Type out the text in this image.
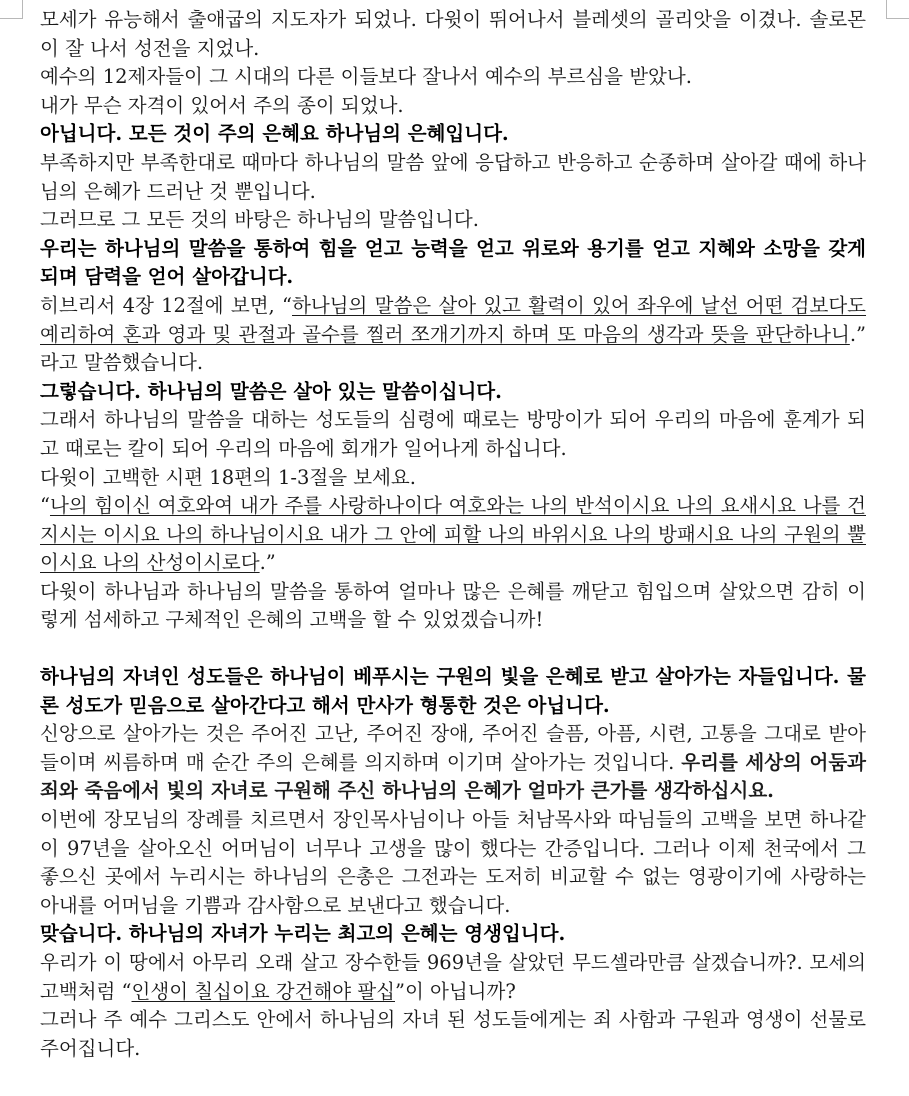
모세가 유능해서 출애굽의 지도자가 되었나. 다윗이 뛰어나서 블레셋의 골리앗을 이겼나. 솔로몬이 잘 나서 성전을 지었나.

예수의 12제자들이 그 시대의 다른 이들보다 잘나서 예수의 부르심을 받았나.

내가 무슨 자격이 있어서 주의 종이 되었나.

아닙니다. 모든 것이 주의 은혜요 하나님의 은혜입니다.

부족하지만 부족한대로 때마다 하나님의 말씀 앞에 응답하고 반응하고 순종하며 살아갈 때에 하나님의 은혜가 드러난 것 뿐입니다.

그러므로 그 모든 것의 바탕은 하나님의 말씀입니다.

우리는 하나님의 말씀을 통하여 힘을 얻고 능력을 얻고 위로와 용기를 얻고 지혜와 소망을 갖게 되며 담력을 얻어 살아갑니다.

히브리서 4장 12절에 보면, “하나님의 말씀은 살아 있고 활력이 있어 좌우에 날선 어떤 검보다도 예리하여 혼과 영과 및 관절과 골수를 찔러 쪼개기까지 하며 또 마음의 생각과 뜻을 판단하나니.” 라고 말씀했습니다.

그렇습니다. 하나님의 말씀은 살아 있는 말씀이십니다.

그래서 하나님의 말씀을 대하는 성도들의 심령에 때로는 방망이가 되어 우리의 마음에 훈계가 되고 때로는 칼이 되어 우리의 마음에 회개가 일어나게 하십니다.

다윗이 고백한 시편 18편의 1-3절을 보세요.

“나의 힘이신 여호와여 내가 주를 사랑하나이다 여호와는 나의 반석이시요 나의 요새시요 나를 건지시는 이시요 나의 하나님이시요 내가 그 안에 피할 나의 바위시요 나의 방패시요 나의 구원의 뿔이시요 나의 산성이시로다.”

다윗이 하나님과 하나님의 말씀을 통하여 얼마나 많은 은혜를 깨닫고 힘입으며 살았으면 감히 이렇게 섬세하고 구체적인 은혜의 고백을 할 수 있었겠습니까!

하나님의 자녀인 성도들은 하나님이 베푸시는 구원의 빛을 은혜로 받고 살아가는 자들입니다. 물론 성도가 믿음으로 살아간다고 해서 만사가 형통한 것은 아닙니다.

신앙으로 살아가는 것은 주어진 고난, 주어진 장애, 주어진 슬픔, 아픔, 시련, 고통을 그대로 받아들이며 씨름하며 매 순간 주의 은혜를 의지하며 이기며 살아가는 것입니다. 우리를 세상의 어둠과 죄와 죽음에서 빛의 자녀로 구원해 주신 하나님의 은혜가 얼마가 큰가를 생각하십시요.

이번에 장모님의 장례를 치르면서 장인목사님이나 아들 처남목사와 따님들의 고백을 보면 하나같이 97년을 살아오신 어머님이 너무나 고생을 많이 했다는 간증입니다. 그러나 이제 천국에서 그 좋으신 곳에서 누리시는 하나님의 은총은 그전과는 도저히 비교할 수 없는 영광이기에 사랑하는 아내를 어머님을 기쁨과 감사함으로 보낸다고 했습니다.

맞습니다. 하나님의 자녀가 누리는 최고의 은혜는 영생입니다.

우리가 이 땅에서 아무리 오래 살고 장수한들 969년을 살았던 무드셀라만큼 살겠습니까?. 모세의 고백처럼 “인생이 칠십이요 강건해야 팔십”이 아닙니까?

그러나 주 예수 그리스도 안에서 하나님의 자녀 된 성도들에게는 죄 사함과 구원과 영생이 선물로 주어집니다.
